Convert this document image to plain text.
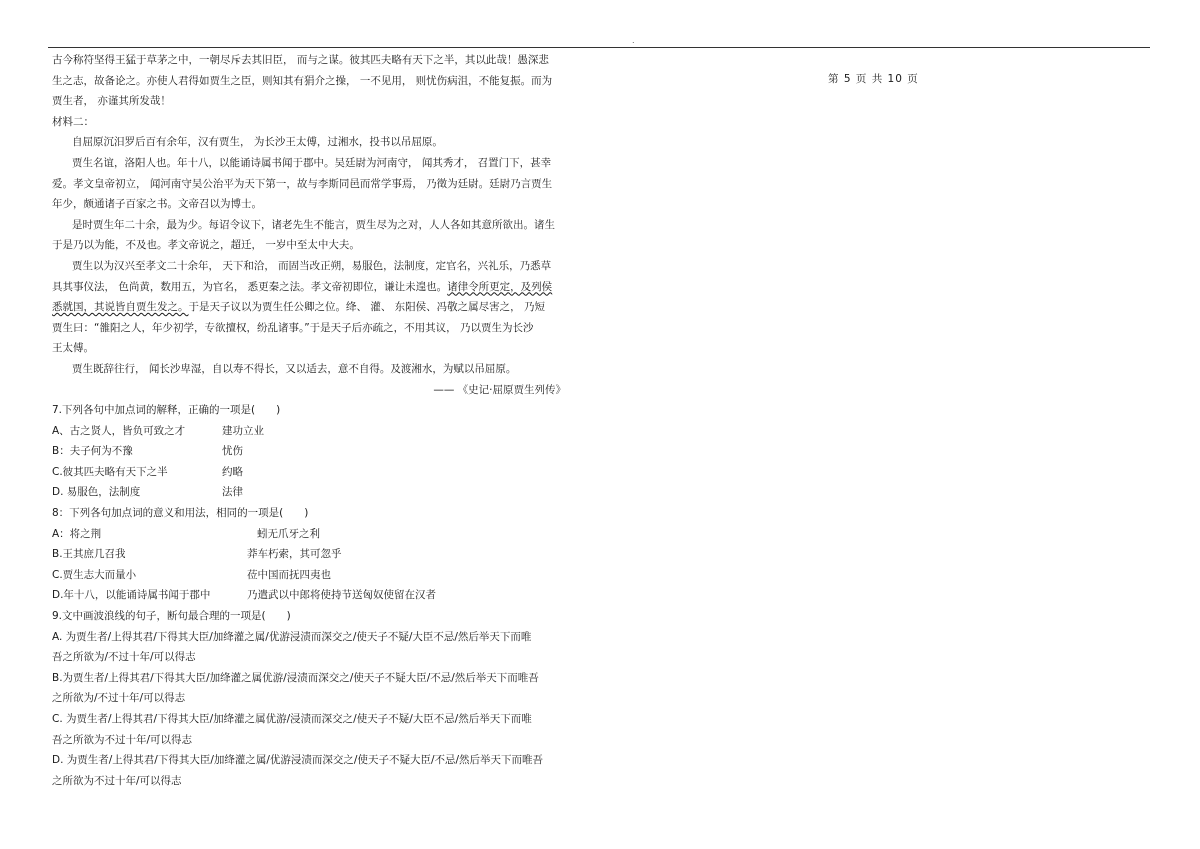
.
第 5 页 共 10 页
古今称符坚得王猛于草茅之中，一朝尽斥去其旧臣， 而与之谋。彼其匹夫略有天下之半，其以此哉！愚深悲
生之志，故备论之。亦使人君得如贾生之臣，则知其有狷介之操， 一不见用， 则忧伤病沮，不能复振。而为
贾生者， 亦谨其所发哉！
材料二：
自屈原沉汨罗后百有余年，汉有贾生， 为长沙王太傅，过湘水，投书以吊屈原。
贾生名谊，洛阳人也。年十八，以能诵诗属书闻于郡中。吴廷尉为河南守， 闻其秀才， 召置门下，甚幸
爱。孝文皇帝初立， 闻河南守吴公治平为天下第一，故与李斯同邑而常学事焉， 乃徵为廷尉。廷尉乃言贾生
年少，颇通诸子百家之书。文帝召以为博士。
是时贾生年二十余，最为少。每诏令议下，诸老先生不能言，贾生尽为之对，人人各如其意所欲出。诸生
于是乃以为能，不及也。孝文帝说之，超迁， 一岁中至太中大夫。
贾生以为汉兴至孝文二十余年， 天下和洽， 而固当改正朔，易服色，法制度，定官名，兴礼乐，乃悉草
具其事仪法， 色尚黄，数用五，为官名， 悉更秦之法。孝文帝初即位，谦让未遑也。诸律令所更定，及列侯
悉就国，其说皆自贾生发之。于是天子议以为贾生任公卿之位。绛、 灌、 东阳侯、冯敬之属尽害之， 乃短
贾生曰：“雒阳之人，年少初学，专欲擅权，纷乱诸事。”于是天子后亦疏之，不用其议， 乃以贾生为长沙
王太傅。
贾生既辞往行， 闻长沙卑湿，自以寿不得长，又以适去，意不自得。及渡湘水，为赋以吊屈原。
—— 《史记·屈原贾生列传》
7.下列各句中加点词的解释，正确的一项是(　　)
A、古之贤人，皆负可致之才	建功立业
B：夫子何为不豫	忧伤
C.彼其匹夫略有天下之半	约略
D. 易服色，法制度	法律
8：下列各句加点词的意义和用法，相同的一项是(　　)
A：将之荆	蚓无爪牙之利
B.王其庶几召我	莽车朽索，其可忽乎
C.贾生志大而量小	莅中国而抚四夷也
D.年十八，以能诵诗属书闻于郡中	乃遣武以中郎将使持节送匈奴使留在汉者
9.文中画波浪线的句子，断句最合理的一项是(　　)
A. 为贾生者/上得其君/下得其大臣/加绛灌之属/优游浸渍而深交之/使天子不疑/大臣不忌/然后举天下而唯
吾之所欲为/不过十年/可以得志
B.为贾生者/上得其君/下得其大臣/加绛灌之属优游/浸渍而深交之/使天子不疑大臣/不忌/然后举天下而唯吾
之所欲为/不过十年/可以得志
C. 为贾生者/上得其君/下得其大臣/加绛灌之属优游/浸渍而深交之/使天子不疑/大臣不忌/然后举天下而唯
吾之所欲为不过十年/可以得志
D. 为贾生者/上得其君/下得其大臣/加绛灌之属/优游浸渍而深交之/使天子不疑大臣/不忌/然后举天下而唯吾
之所欲为不过十年/可以得志
